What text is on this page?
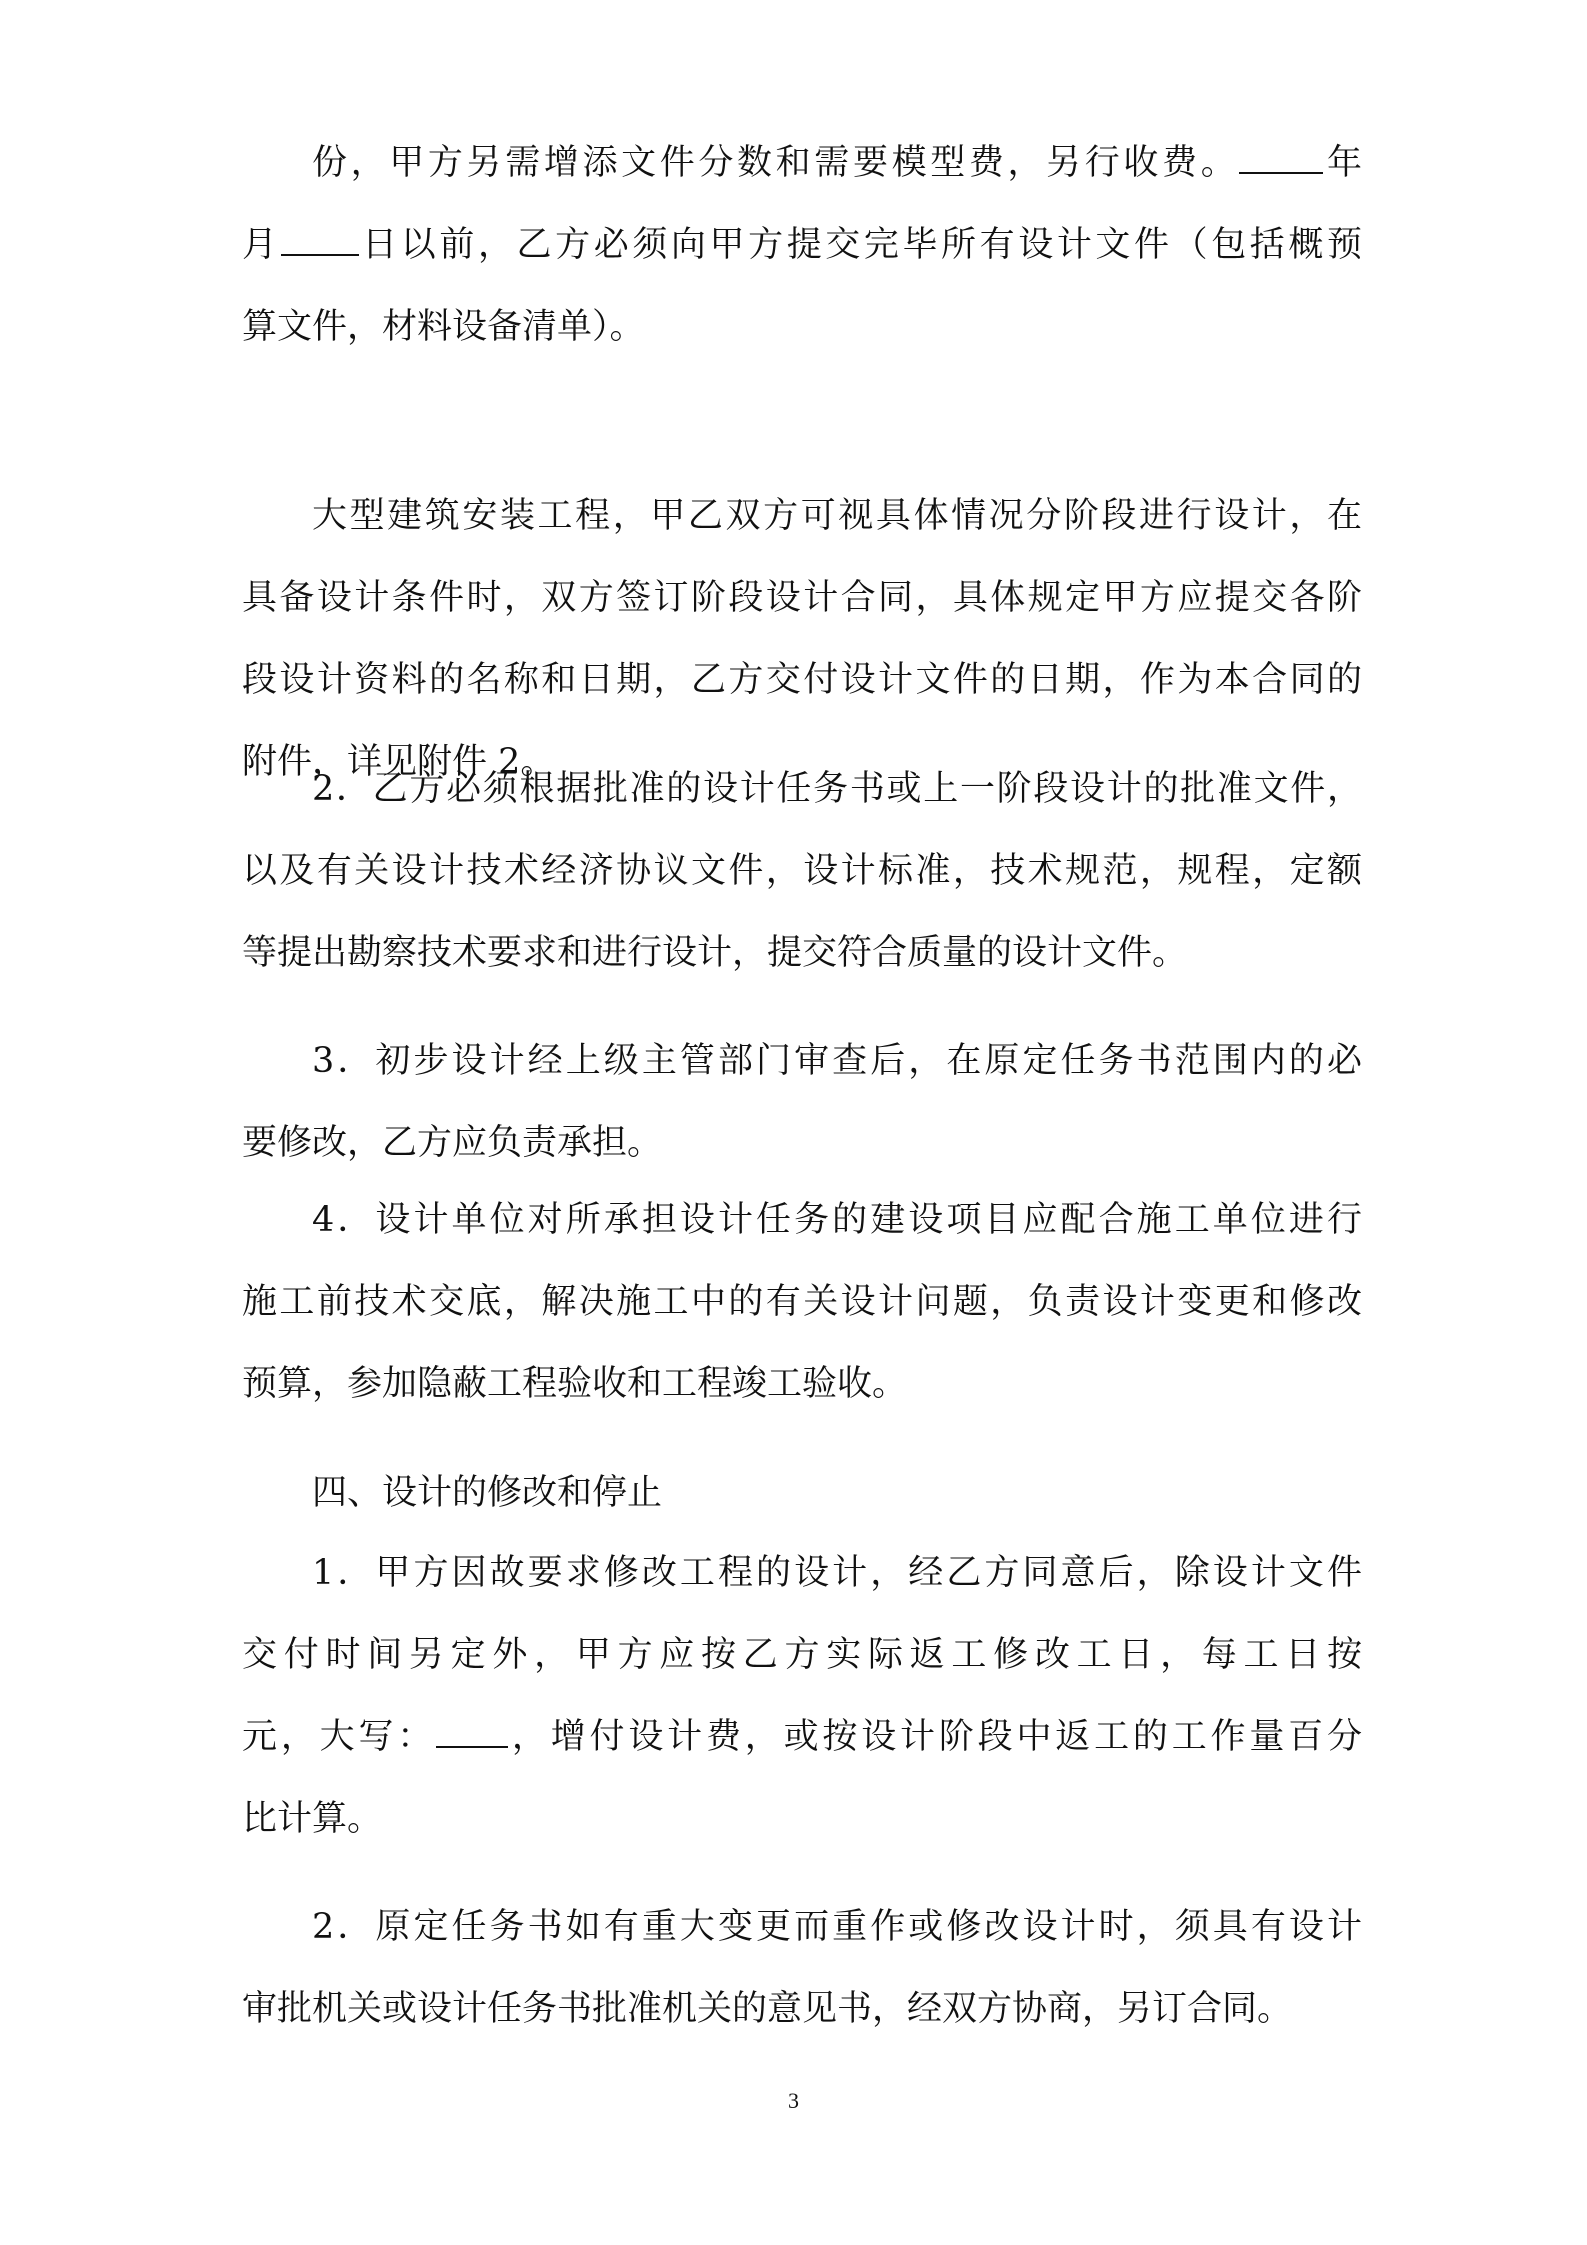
份，甲方另需增添文件分数和需要模型费，另行收费。 年
月 日以前，乙方必须向甲方提交完毕所有设计文件（包括概预
算文件，材料设备清单）。
大型建筑安装工程，甲乙双方可视具体情况分阶段进行设计，在
具备设计条件时，双方签订阶段设计合同，具体规定甲方应提交各阶
段设计资料的名称和日期，乙方交付设计文件的日期，作为本合同的
附件，详见附件 2。
2．乙方必须根据批准的设计任务书或上一阶段设计的批准文件，
以及有关设计技术经济协议文件，设计标准，技术规范，规程，定额
等提出勘察技术要求和进行设计，提交符合质量的设计文件。
3．初步设计经上级主管部门审查后，在原定任务书范围内的必
要修改，乙方应负责承担。
4．设计单位对所承担设计任务的建设项目应配合施工单位进行
施工前技术交底，解决施工中的有关设计问题，负责设计变更和修改
预算，参加隐蔽工程验收和工程竣工验收。
四、设计的修改和停止
1．甲方因故要求修改工程的设计，经乙方同意后，除设计文件
交付时间另定外，甲方应按乙方实际返工修改工日，每工日按
元，大写： ，增付设计费，或按设计阶段中返工的工作量百分
比计算。
2．原定任务书如有重大变更而重作或修改设计时，须具有设计
审批机关或设计任务书批准机关的意见书，经双方协商，另订合同。
3
